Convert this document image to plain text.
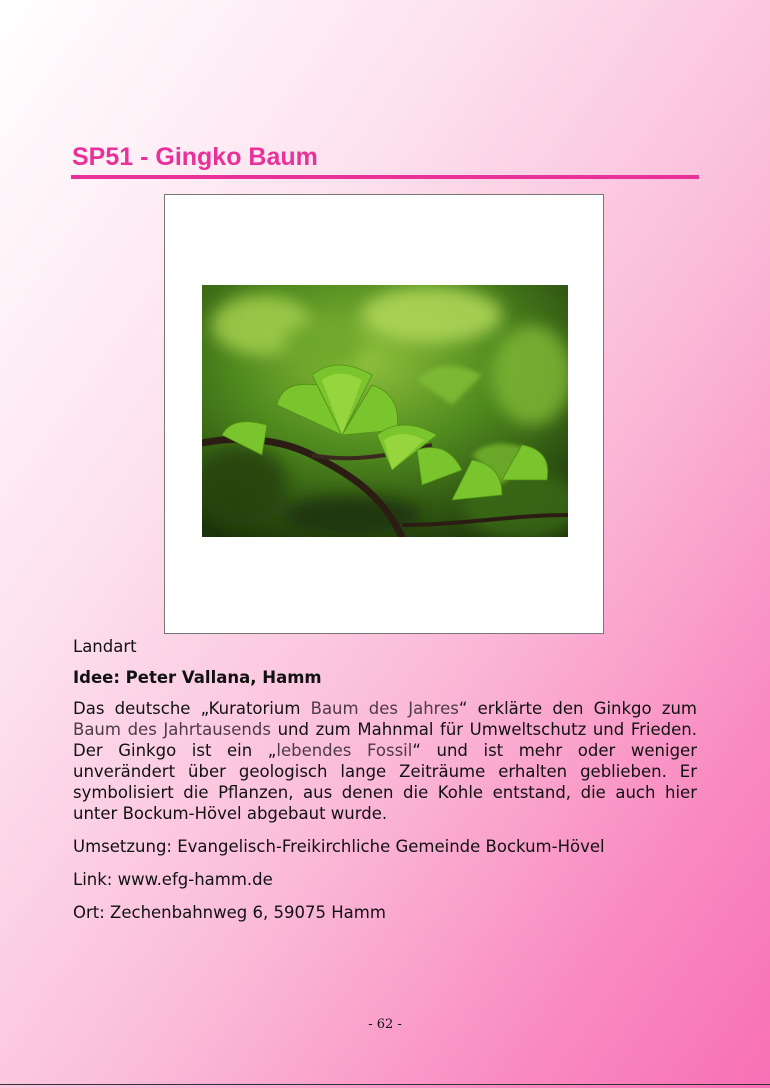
SP51 - Gingko Baum

Landart

Idee: Peter Vallana, Hamm

Das deutsche „Kuratorium Baum des Jahres“ erklärte den Ginkgo zum Baum des Jahrtausends und zum Mahnmal für Umweltschutz und Frieden. Der Ginkgo ist ein „lebendes Fossil“ und ist mehr oder weniger unverändert über geologisch lange Zeiträume erhalten geblieben. Er symbolisiert die Pflanzen, aus denen die Kohle entstand, die auch hier unter Bockum-Hövel abgebaut wurde.

Umsetzung: Evangelisch-Freikirchliche Gemeinde Bockum-Hövel

Link: www.efg-hamm.de

Ort: Zechenbahnweg 6, 59075 Hamm

- 62 -
